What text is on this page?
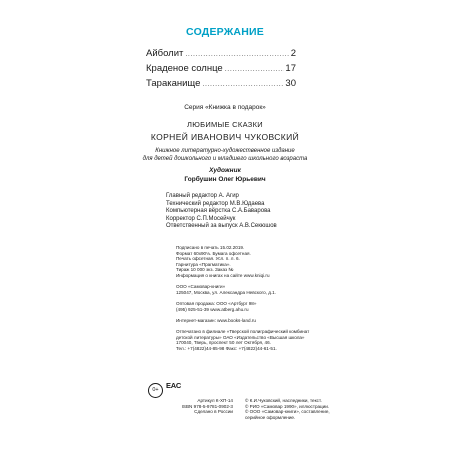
СОДЕРЖАНИЕ
Айболит .....	2
Краденое солнце .....	17
Тараканище .....	30
Серия «Книжка в подарок»
ЛЮБИМЫЕ СКАЗКИ
КОРНЕЙ ИВАНОВИЧ ЧУКОВСКИЙ
Книжное литературно-художественное издание
для детей дошкольного и младшего школьного возраста
Художник
Горбушин Олег Юрьевич
Главный редактор А. Агир
Технический редактор М.В.Юдаева
Компьютерная вёрстка С.А.Баварова
Корректор С.П.Мосейчук
Ответственный за выпуск А.В.Секюшов
Подписано в печать 15.02.2019.
Формат 60х90⅛. Бумага офсетная.
Печать офсетная. Усл. п. л. 6.
Гарнитура «Прагматика».
Тираж 10 000 экз. Заказ №
Информация о книгах на сайте www.kniqi.ru

ООО «Самовар-книги»
125047, Москва, ул. Александра Невского, д.1.

Оптовая продажа: ООО «Артбург 98»
(495) 925-51-39 www.atberg.ahu.ru

Интернет-магазин: www.books-land.ru

Отпечатано в филиале «Тверской полиграфический комбинат
детской литературы» ОАО «Издательство «Высшая школа»
170040, Тверь, проспект 50 лет Октября, 46.
Тел.: +7(4822)44-85-98 Факс: +7(4822)44-61-51.
0+ EAC
Артикул К-ХП-14
ISBN 978-5-9781-0902-3
Сделано в России
© К.И.Чуковский, наследники, текст.
© РИО «Самовар 1990», иллюстрации.
© ООО «Самовар-книги», составление,
серийное оформление.
